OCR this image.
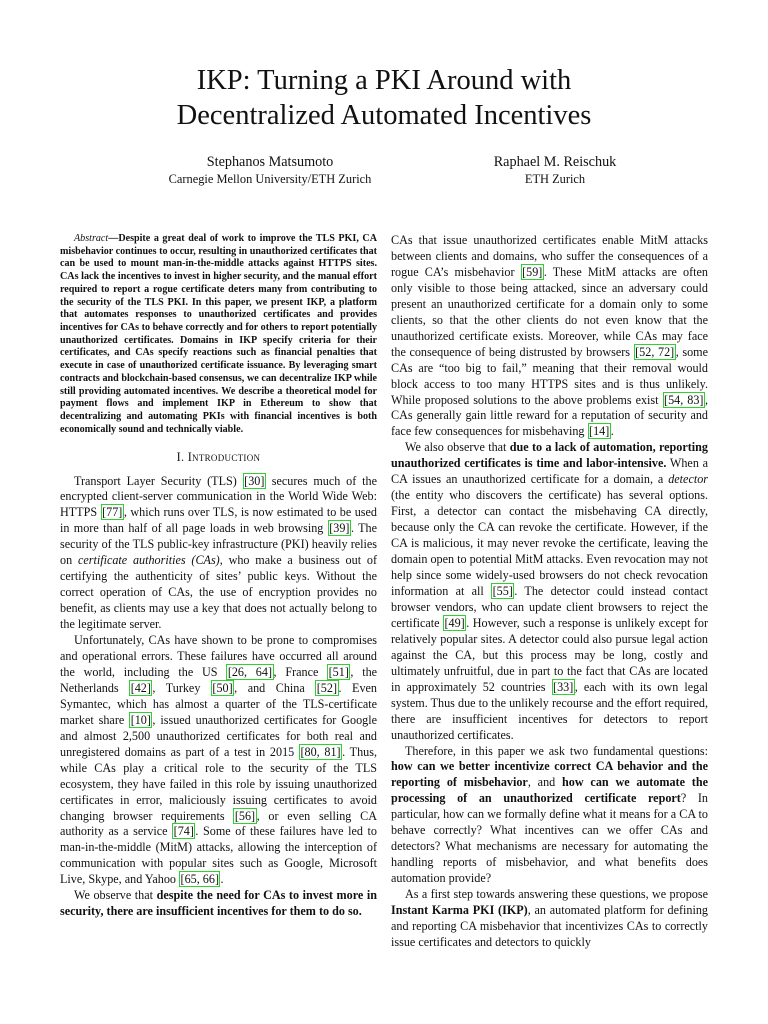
IKP: Turning a PKI Around with
Decentralized Automated Incentives
Stephanos Matsumoto
Carnegie Mellon University/ETH Zurich
Raphael M. Reischuk
ETH Zurich

Abstract—Despite a great deal of work to improve the TLS PKI, CA misbehavior continues to occur, resulting in unauthorized certificates that can be used to mount man-in-the-middle attacks against HTTPS sites. CAs lack the incentives to invest in higher security, and the manual effort required to report a rogue certificate deters many from contributing to the security of the TLS PKI. In this paper, we present IKP, a platform that automates responses to unauthorized certificates and provides incentives for CAs to behave correctly and for others to report potentially unauthorized certificates. Domains in IKP specify criteria for their certificates, and CAs specify reactions such as financial penalties that execute in case of unauthorized certificate issuance. By leveraging smart contracts and blockchain-based consensus, we can decentralize IKP while still providing automated incentives. We describe a theoretical model for payment flows and implement IKP in Ethereum to show that decentralizing and automating PKIs with financial incentives is both economically sound and technically viable.

I. Introduction

Transport Layer Security (TLS) [30] secures much of the encrypted client-server communication in the World Wide Web: HTTPS [77] , which runs over TLS, is now estimated to be used in more than half of all page loads in web browsing [39] . The security of the TLS public-key infrastructure (PKI) heavily relies on certificate authorities (CAs), who make a business out of certifying the authenticity of sites’ public keys. Without the correct operation of CAs, the use of encryption provides no benefit, as clients may use a key that does not actually belong to the legitimate server.

Unfortunately, CAs have shown to be prone to compromises and operational errors. These failures have occurred all around the world, including the US [26, 64] , France [51] , the Netherlands [42] , Turkey [50] , and China [52] . Even Symantec, which has almost a quarter of the TLS-certificate market share [10] , issued unauthorized certificates for Google and almost 2,500 unauthorized certificates for both real and unregistered domains as part of a test in 2015 [80, 81] . Thus, while CAs play a critical role to the security of the TLS ecosystem, they have failed in this role by issuing unauthorized certificates in error, maliciously issuing certificates to avoid changing browser requirements [56] , or even selling CA authority as a service [74] . Some of these failures have led to man-in-the-middle (MitM) attacks, allowing the interception of communication with popular sites such as Google, Microsoft Live, Skype, and Yahoo [65, 66] .

We observe that despite the need for CAs to invest more in security, there are insufficient incentives for them to do so.

CAs that issue unauthorized certificates enable MitM attacks between clients and domains, who suffer the consequences of a rogue CA’s misbehavior [59] . These MitM attacks are often only visible to those being attacked, since an adversary could present an unauthorized certificate for a domain only to some clients, so that the other clients do not even know that the unauthorized certificate exists. Moreover, while CAs may face the consequence of being distrusted by browsers [52, 72] , some CAs are “too big to fail,” meaning that their removal would block access to too many HTTPS sites and is thus unlikely. While proposed solutions to the above problems exist [54, 83] , CAs generally gain little reward for a reputation of security and face few consequences for misbehaving [14] .

We also observe that due to a lack of automation, reporting unauthorized certificates is time and labor-intensive. When a CA issues an unauthorized certificate for a domain, a detector (the entity who discovers the certificate) has several options. First, a detector can contact the misbehaving CA directly, because only the CA can revoke the certificate. However, if the CA is malicious, it may never revoke the certificate, leaving the domain open to potential MitM attacks. Even revocation may not help since some widely-used browsers do not check revocation information at all [55] . The detector could instead contact browser vendors, who can update client browsers to reject the certificate [49] . However, such a response is unlikely except for relatively popular sites. A detector could also pursue legal action against the CA, but this process may be long, costly and ultimately unfruitful, due in part to the fact that CAs are located in approximately 52 countries [33] , each with its own legal system. Thus due to the unlikely recourse and the effort required, there are insufficient incentives for detectors to report unauthorized certificates.

Therefore, in this paper we ask two fundamental questions: how can we better incentivize correct CA behavior and the reporting of misbehavior, and how can we automate the processing of an unauthorized certificate report? In particular, how can we formally define what it means for a CA to behave correctly? What incentives can we offer CAs and detectors? What mechanisms are necessary for automating the handling reports of misbehavior, and what benefits does automation provide?

As a first step towards answering these questions, we propose Instant Karma PKI (IKP), an automated platform for defining and reporting CA misbehavior that incentivizes CAs to correctly issue certificates and detectors to quickly
